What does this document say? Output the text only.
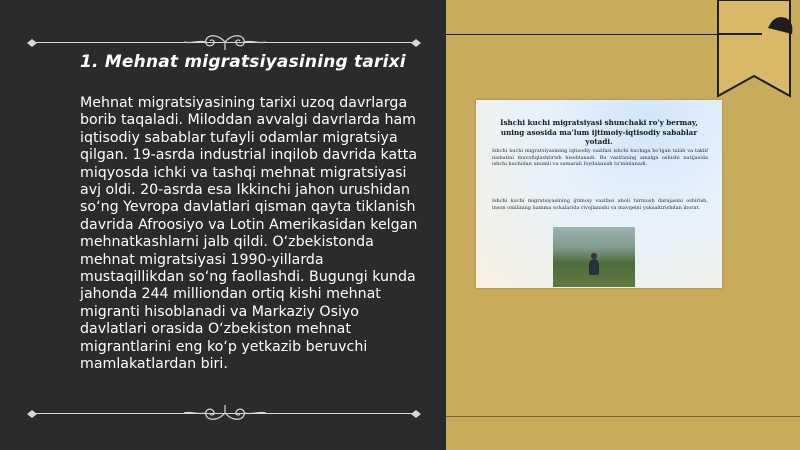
1. Mehnat migratsiyasining tarixi
Mehnat migratsiyasining tarixi uzoq davrlarga borib taqaladi. Miloddan avvalgi davrlarda ham iqtisodiy sabablar tufayli odamlar migratsiya qilgan. 19-asrda industrial inqilob davrida katta miqyosda ichki va tashqi mehnat migratsiyasi avj oldi. 20-asrda esa Ikkinchi jahon urushidan so‘ng Yevropa davlatlari qisman qayta tiklanish davrida Afroosiyo va Lotin Amerikasidan kelgan mehnatkashlarni jalb qildi. O‘zbekistonda mehnat migratsiyasi 1990-yillarda mustaqillikdan so‘ng faollashdi. Bugungi kunda jahonda 244 milliondan ortiq kishi mehnat migranti hisoblanadi va Markaziy Osiyo davlatlari orasida O‘zbekiston mehnat migrantlarini eng ko‘p yetkazib beruvchi mamlakatlardan biri.
Ishchi kuchi migratsiyasi shunchaki ro'y bermay, uning asosida ma'lum ijtimoiy-iqtisodiy sabablar yotadi.
Ishchi kuchi migratsiyasining iqtisodiy vazifasi ishchi kuchiga bo'lgan talab va taklif nisbatini muvofiqlashtirish hisoblanadi. Bu vazifaning amalga oshishi natijasida ishchi kuchidan unumli va samarali foydalanish ta'minlanadi.
Ishchi kuchi migratsiyasining ijtimoiy vazifasi aholi turmush darajasini oshirish, inson omilining hamma sohalarida rivojlanishi va mavqeini yuksaltirishdan iborat.
